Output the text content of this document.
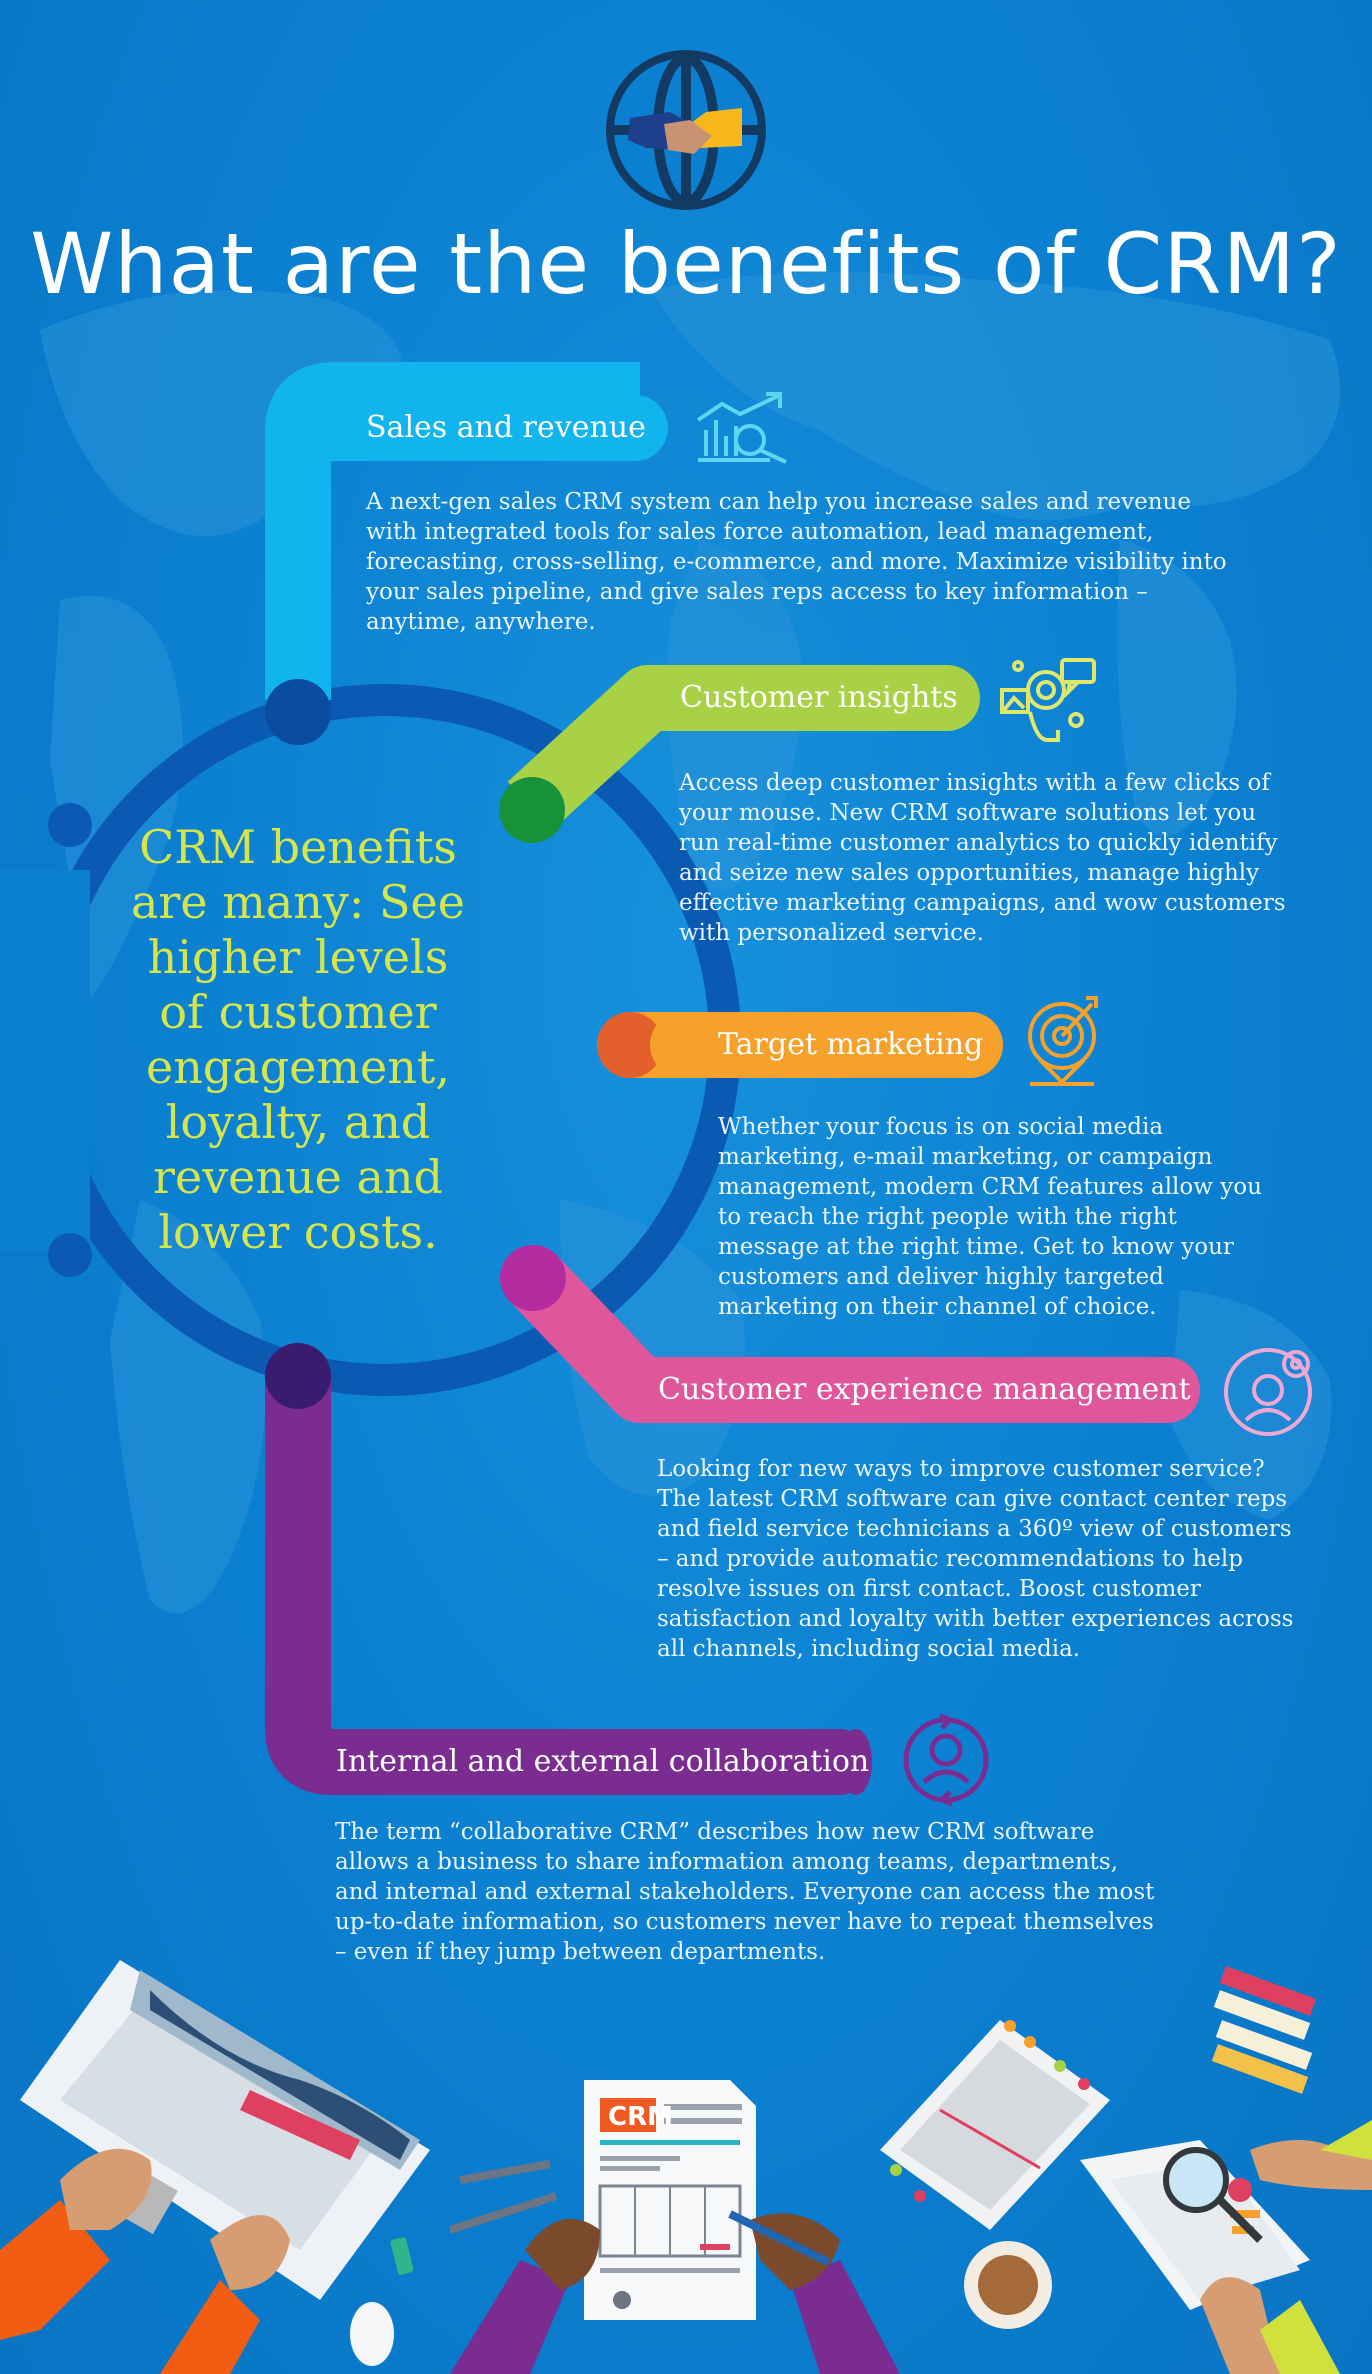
CRM
What are the benefits of CRM?
CRM benefits are many: See higher levels of customer engagement, loyalty, and revenue and lower costs.
Sales and revenue
Customer insights
Target marketing
Customer experience management
Internal and external collaboration
A next-gen sales CRM system can help you increase sales and revenue with integrated tools for sales force automation, lead management, forecasting, cross-selling, e-commerce, and more. Maximize visibility into your sales pipeline, and give sales reps access to key information – anytime, anywhere.
Access deep customer insights with a few clicks of your mouse. New CRM software solutions let you run real-time customer analytics to quickly identify and seize new sales opportunities, manage highly effective marketing campaigns, and wow customers with personalized service.
Whether your focus is on social media marketing, e-mail marketing, or campaign management, modern CRM features allow you to reach the right people with the right message at the right time. Get to know your customers and deliver highly targeted marketing on their channel of choice.
Looking for new ways to improve customer service? The latest CRM software can give contact center reps and field service technicians a 360º view of customers – and provide automatic recommendations to help resolve issues on first contact. Boost customer satisfaction and loyalty with better experiences across all channels, including social media.
The term “collaborative CRM” describes how new CRM software allows a business to share information among teams, departments, and internal and external stakeholders. Everyone can access the most up-to-date information, so customers never have to repeat themselves – even if they jump between departments.
